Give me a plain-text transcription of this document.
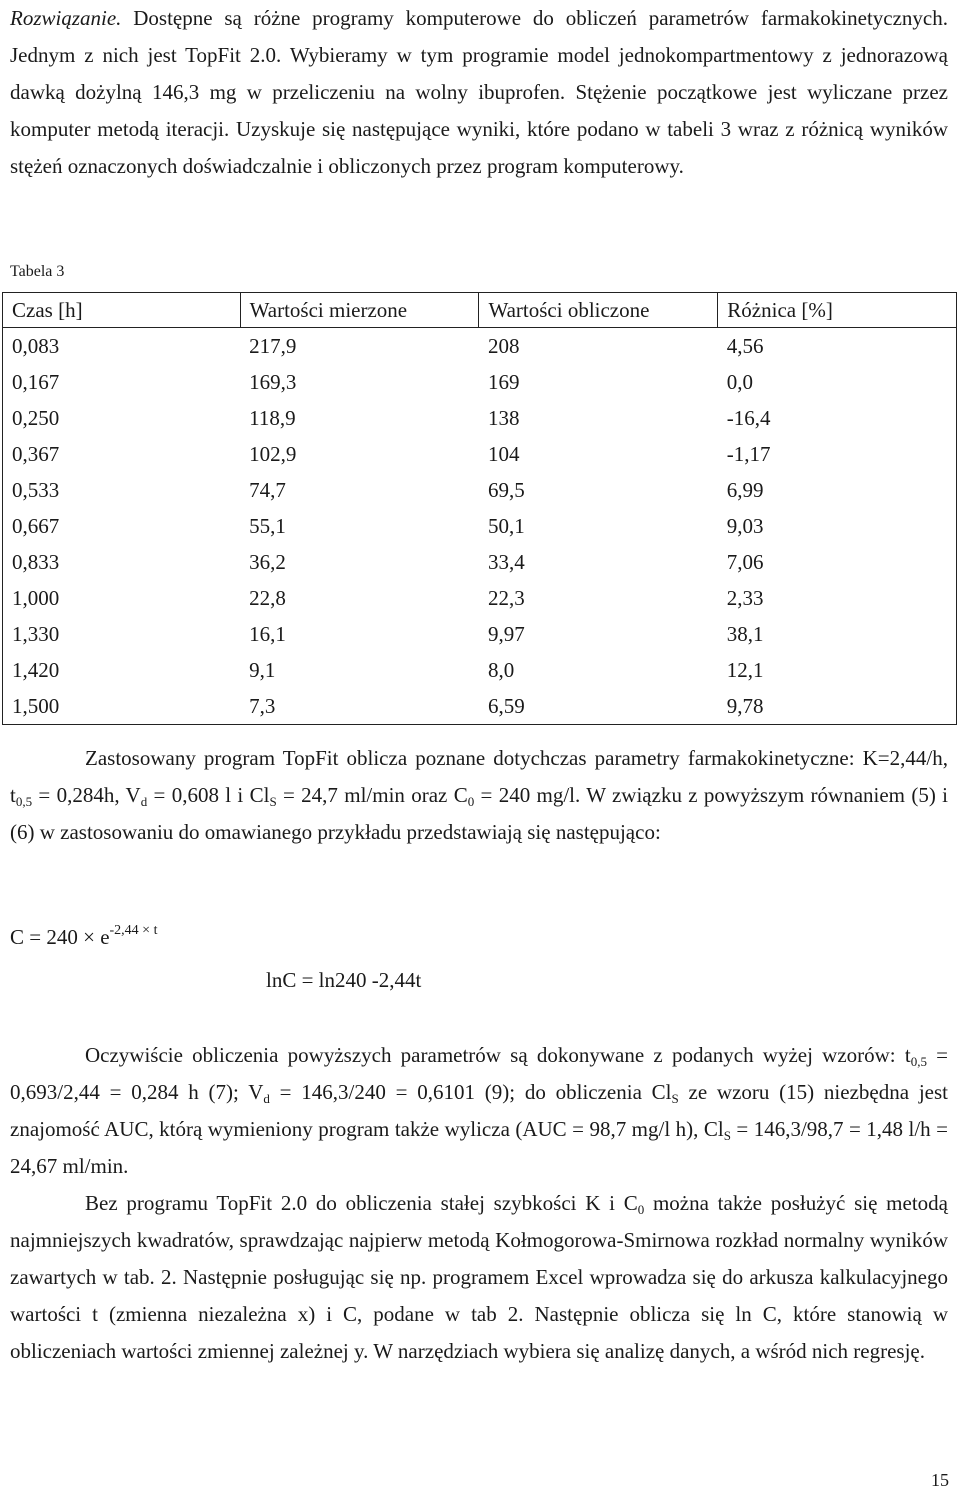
Rozwiązanie. Dostępne są różne programy komputerowe do obliczeń parametrów farmakokinetycznych. Jednym z nich jest TopFit 2.0. Wybieramy w tym programie model jednokompartmentowy z jednorazową dawką dożylną 146,3 mg w przeliczeniu na wolny ibuprofen. Stężenie początkowe jest wyliczane przez komputer metodą iteracji. Uzyskuje się następujące wyniki, które podano w tabeli 3 wraz z różnicą wyników stężeń oznaczonych doświadczalnie i obliczonych przez program komputerowy.

Tabela 3

Czas [h]	Wartości mierzone	Wartości obliczone	Różnica [%]
0,083	217,9	208	4,56
0,167	169,3	169	0,0
0,250	118,9	138	-16,4
0,367	102,9	104	-1,17
0,533	74,7	69,5	6,99
0,667	55,1	50,1	9,03
0,833	36,2	33,4	7,06
1,000	22,8	22,3	2,33
1,330	16,1	9,97	38,1
1,420	9,1	8,0	12,1
1,500	7,3	6,59	9,78

Zastosowany program TopFit oblicza poznane dotychczas parametry farmakokinetyczne: K=2,44/h, $t_{0,5} = 0,284h$, $V_d = 0,608$ l i $Cl_S = 24,7$ ml/min oraz $C_0 = 240$ mg/l. W związku z powyższym równaniem (5) i (6) w zastosowaniu do omawianego przykładu przedstawiają się następująco:

$C = 240 \times e^{-2,44 \times t}$
lnC = ln240 -2,44t

Oczywiście obliczenia powyższych parametrów są dokonywane z podanych wyżej wzorów: $t_{0,5} = 0,693/2,44 = 0,284$ h (7); $V_d = 146,3/240 = 0,6101$ (9); do obliczenia $Cl_S$ ze wzoru (15) niezbędna jest znajomość AUC, którą wymieniony program także wylicza (AUC = 98,7 mg/l h), $Cl_S = 146,3/98,7 = 1,48$ l/h = 24,67 ml/min.

Bez programu TopFit 2.0 do obliczenia stałej szybkości K i $C_0$ można także posłużyć się metodą najmniejszych kwadratów, sprawdzając najpierw metodą Kołmogorowa-Smirnowa rozkład normalny wyników zawartych w tab. 2. Następnie posługując się np. programem Excel wprowadza się do arkusza kalkulacyjnego wartości t (zmienna niezależna x) i C, podane w tab 2. Następnie oblicza się ln C, które stanowią w obliczeniach wartości zmiennej zależnej y. W narzędziach wybiera się analizę danych, a wśród nich regresję.

15
